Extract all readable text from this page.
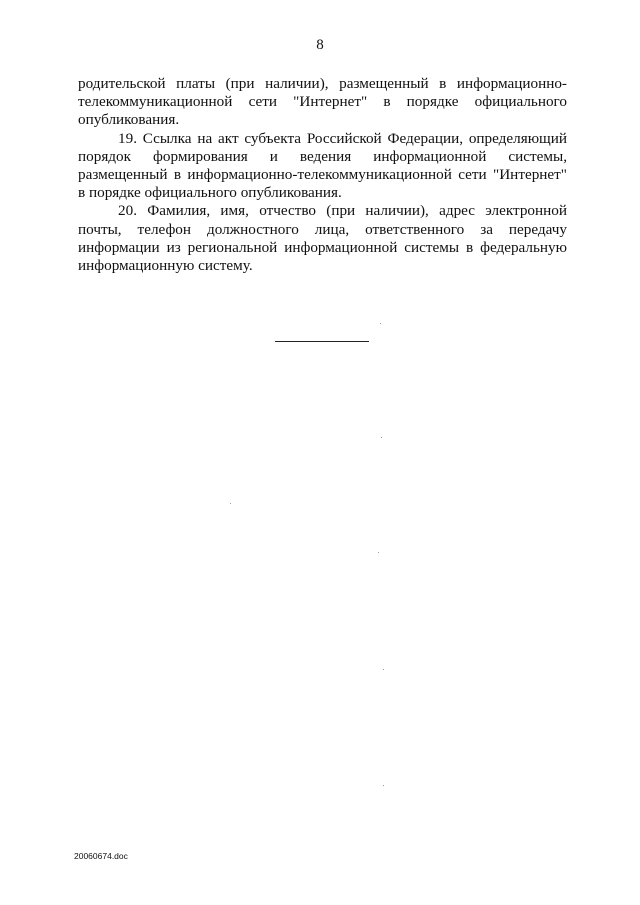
8

родительской платы (при наличии), размещенный в информационно-телекоммуникационной сети "Интернет" в порядке официального опубликования.

19. Ссылка на акт субъекта Российской Федерации, определяющий порядок формирования и ведения информационной системы, размещенный в информационно-телекоммуникационной сети "Интернет" в порядке официального опубликования.

20. Фамилия, имя, отчество (при наличии), адрес электронной почты, телефон должностного лица, ответственного за передачу информации из региональной информационной системы в федеральную информационную систему.

20060674.doc
